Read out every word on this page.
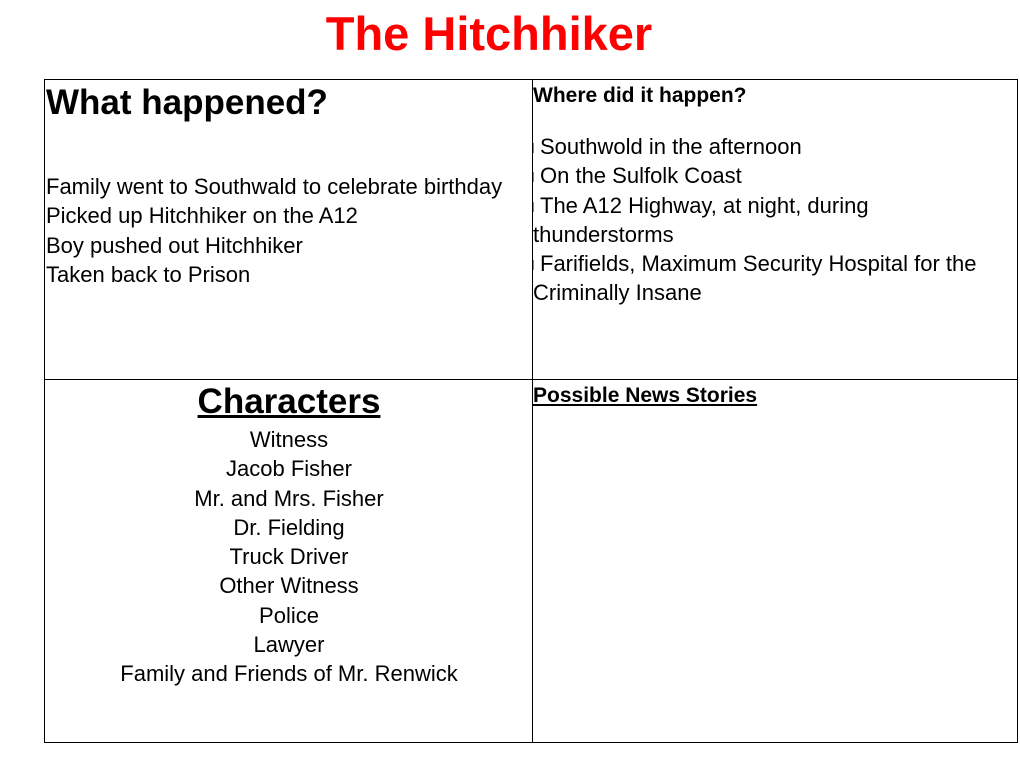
The Hitchhiker
What happened?
Family went to Southwald to celebrate birthday
Picked up Hitchhiker on the A12
Boy pushed out Hitchhiker
Taken back to Prison
Where did it happen?
Southwold in the afternoon
On the Sulfolk Coast
The A12 Highway, at night, during thunderstorms
Farifields, Maximum Security Hospital for the Criminally Insane
Characters
Witness
Jacob Fisher
Mr. and Mrs. Fisher
Dr. Fielding
Truck Driver
Other Witness
Police
Lawyer
Family and Friends of Mr. Renwick
Possible News Stories
